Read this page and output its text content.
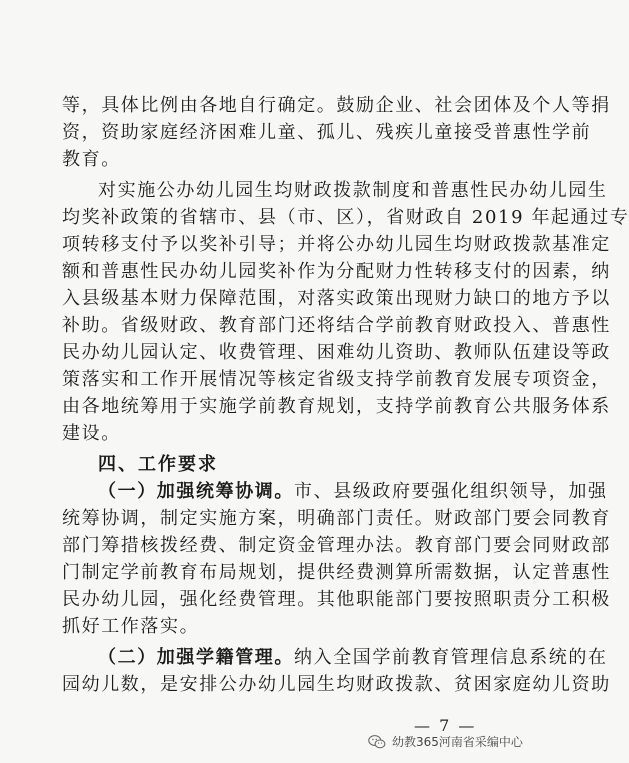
等，具体比例由各地自行确定。鼓励企业、社会团体及个人等捐
资，资助家庭经济困难儿童、孤儿、残疾儿童接受普惠性学前
教育。
对实施公办幼儿园生均财政拨款制度和普惠性民办幼儿园生
均奖补政策的省辖市、县（市、区），省财政自 2019 年起通过专
项转移支付予以奖补引导；并将公办幼儿园生均财政拨款基准定
额和普惠性民办幼儿园奖补作为分配财力性转移支付的因素，纳
入县级基本财力保障范围，对落实政策出现财力缺口的地方予以
补助。省级财政、教育部门还将结合学前教育财政投入、普惠性
民办幼儿园认定、收费管理、困难幼儿资助、教师队伍建设等政
策落实和工作开展情况等核定省级支持学前教育发展专项资金，
由各地统筹用于实施学前教育规划，支持学前教育公共服务体系
建设。
四、工作要求
（一）加强统筹协调。市、县级政府要强化组织领导，加强
统筹协调，制定实施方案，明确部门责任。财政部门要会同教育
部门筹措核拨经费、制定资金管理办法。教育部门要会同财政部
门制定学前教育布局规划，提供经费测算所需数据，认定普惠性
民办幼儿园，强化经费管理。其他职能部门要按照职责分工积极
抓好工作落实。
（二）加强学籍管理。纳入全国学前教育管理信息系统的在
园幼儿数，是安排公办幼儿园生均财政拨款、贫困家庭幼儿资助
— 7 —
幼教365河南省采编中心
